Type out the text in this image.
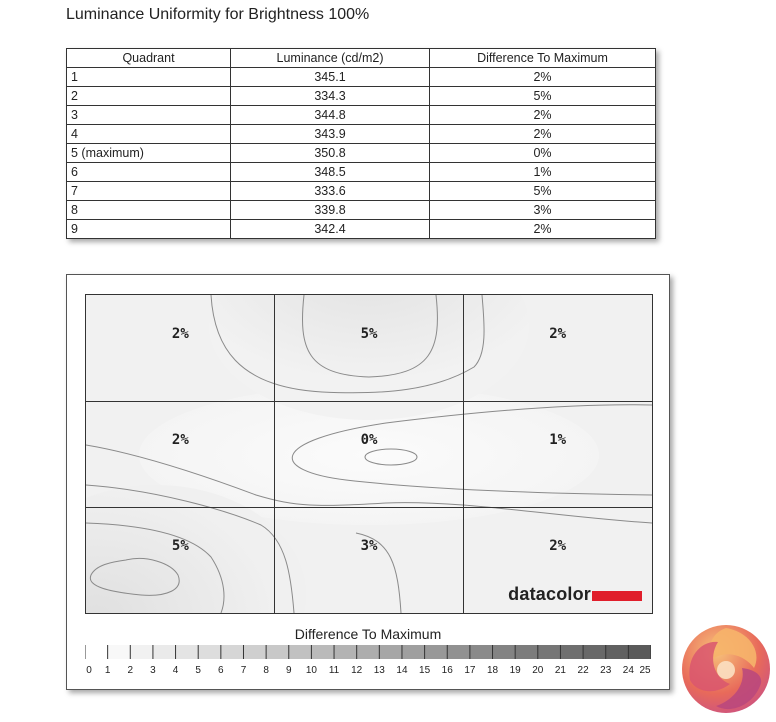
Luminance Uniformity for Brightness 100%
Quadrant	Luminance (cd/m2)	Difference To Maximum
1	345.1	2%
2	334.3	5%
3	344.8	2%
4	343.9	2%
5 (maximum)	350.8	0%
6	348.5	1%
7	333.6	5%
8	339.8	3%
9	342.4	2%
2%	5%	2%
2%	0%	1%
5%	3%	2%
datacolor
Difference To Maximum
0 1 2 3 4 5 6 7 8 9 10 11 12 13 14 15 16 17 18 19 20 21 22 23 24 25
